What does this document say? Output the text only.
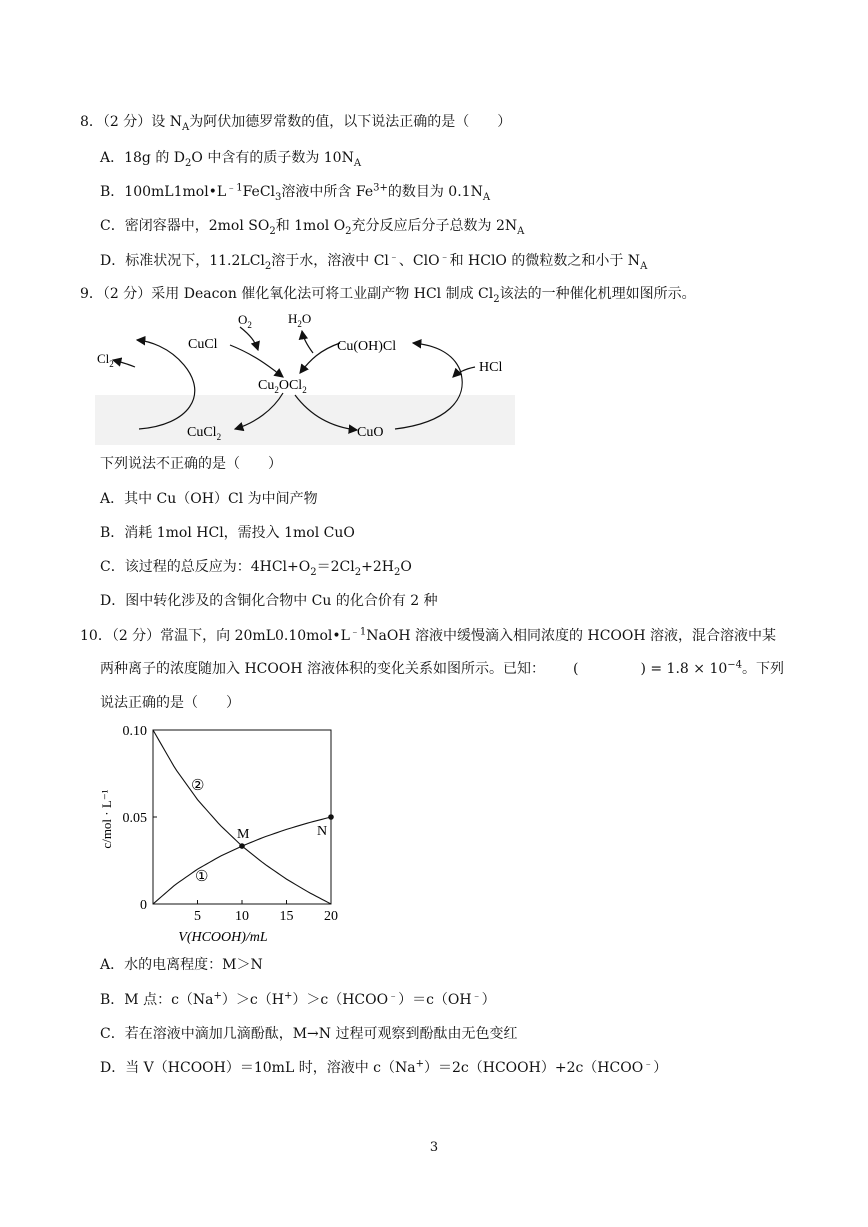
8．（2 分）设 $N_A$为阿伏加德罗常数的值，以下说法正确的是（　　）
A．18g 的 $D_2O$ 中含有的质子数为 $10N_A$
B．$100mL1mol•L^{﹣1}FeCl_3$溶液中所含 $Fe^{3+}$的数目为 $0.1N_A$
C．密闭容器中，2mol $SO_2$和 1mol $O_2$充分反应后分子总数为 $2N_A$
D．标准状况下，11.2LCl$_2$溶于水，溶液中 Cl﹣、ClO﹣和 HClO 的微粒数之和小于 $N_A$
9．（2 分）采用 Deacon 催化氧化法可将工业副产物 HCl 制成 $Cl_2$该法的一种催化机理如图所示。
CuCl
$O_2$	$H_2O$
Cu(OH)Cl
$Cl_2$
$Cu_2OCl_2$
HCl
CuCl$_2$	CuO
下列说法不正确的是（　　）
A．其中 Cu（OH）Cl 为中间产物
B．消耗 1mol HCl，需投入 1mol CuO
C．该过程的总反应为：$4HCl+O_2=2Cl_2+2H_2O$
D．图中转化涉及的含铜化合物中 Cu 的化合价有 2 种
10．（2 分）常温下，向 $20mL0.10mol•L^{﹣1}NaOH$ 溶液中缓慢滴入相同浓度的 HCOOH 溶液，混合溶液中某
两种离子的浓度随加入 HCOOH 溶液体积的变化关系如图所示。已知： (	) = $1.8 \times 10^{-4}$。下列
说法正确的是（　　）
5 10 15 20
0
0.05
0.10
M	N
②
①
V(HCOOH)/mL
c/mol · L⁻¹
A．水的电离程度：M＞N
B．M 点：c（Na+）＞c（H+）＞c（HCOO﹣）＝c（OH﹣）
C．若在溶液中滴加几滴酚酞，M→N 过程可观察到酚酞由无色变红
D．当 V（HCOOH）＝10mL 时，溶液中 c（Na+）＝2c（HCOOH）+2c（HCOO﹣）
3
